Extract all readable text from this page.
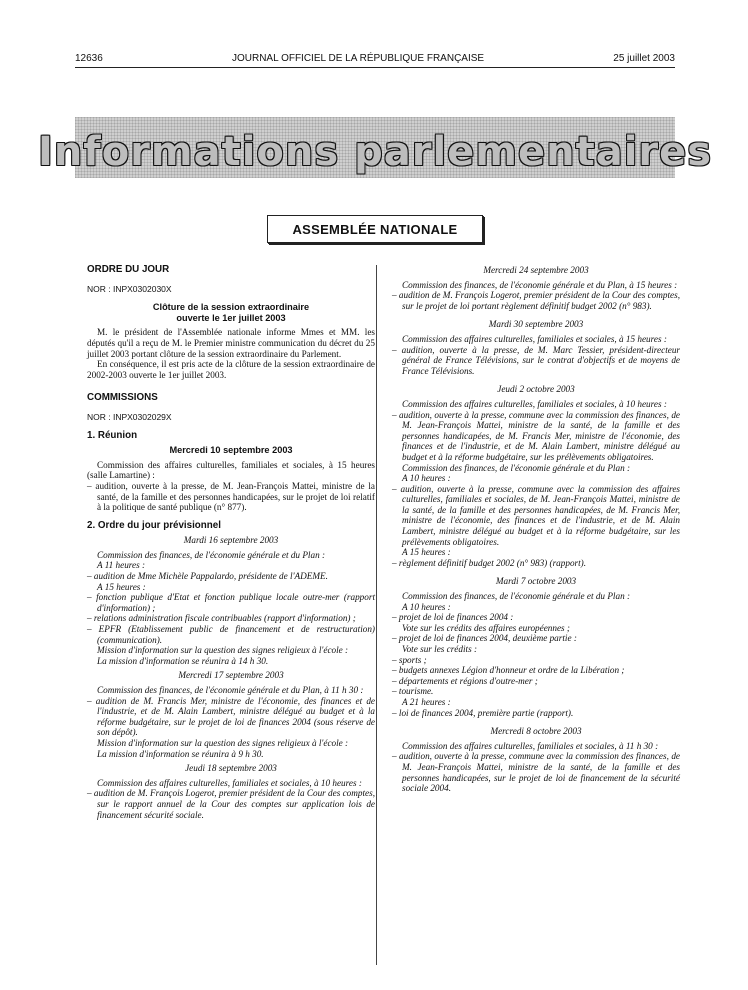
12636	JOURNAL OFFICIEL DE LA RÉPUBLIQUE FRANÇAISE	25 juillet 2003
Informations parlementaires
ASSEMBLÉE NATIONALE

ORDRE DU JOUR

NOR : INPX0302030X

Clôture de la session extraordinaire

ouverte le 1er juillet 2003

M. le président de l'Assemblée nationale informe Mmes et MM. les députés qu'il a reçu de M. le Premier ministre communication du décret du 25 juillet 2003 portant clôture de la session extraordinaire du Parlement.

En conséquence, il est pris acte de la clôture de la session extraordinaire de 2002-2003 ouverte le 1er juillet 2003.

COMMISSIONS

NOR : INPX0302029X

1. Réunion

Mercredi 10 septembre 2003

Commission des affaires culturelles, familiales et sociales, à 15 heures (salle Lamartine) :

– audition, ouverte à la presse, de M. Jean-François Mattei, ministre de la santé, de la famille et des personnes handicapées, sur le projet de loi relatif à la politique de santé publique (n° 877).

2. Ordre du jour prévisionnel

Mardi 16 septembre 2003

Commission des finances, de l'économie générale et du Plan :

A 11 heures :

– audition de Mme Michèle Pappalardo, présidente de l'ADEME.

A 15 heures :

– fonction publique d'Etat et fonction publique locale outre-mer (rapport d'information) ;

– relations administration fiscale contribuables (rapport d'information) ;

– EPFR (Etablissement public de financement et de restructuration) (communication).

Mission d'information sur la question des signes religieux à l'école :

La mission d'information se réunira à 14 h 30.

Mercredi 17 septembre 2003

Commission des finances, de l'économie générale et du Plan, à 11 h 30 :

– audition de M. Francis Mer, ministre de l'économie, des finances et de l'industrie, et de M. Alain Lambert, ministre délégué au budget et à la réforme budgétaire, sur le projet de loi de finances 2004 (sous réserve de son dépôt).

Mission d'information sur la question des signes religieux à l'école :

La mission d'information se réunira à 9 h 30.

Jeudi 18 septembre 2003

Commission des affaires culturelles, familiales et sociales, à 10 heures :

– audition de M. François Logerot, premier président de la Cour des comptes, sur le rapport annuel de la Cour des comptes sur application lois de financement sécurité sociale.

Mercredi 24 septembre 2003

Commission des finances, de l'économie générale et du Plan, à 15 heures :

– audition de M. François Logerot, premier président de la Cour des comptes, sur le projet de loi portant règlement définitif budget 2002 (n° 983).

Mardi 30 septembre 2003

Commission des affaires culturelles, familiales et sociales, à 15 heures :

– audition, ouverte à la presse, de M. Marc Tessier, président-directeur général de France Télévisions, sur le contrat d'objectifs et de moyens de France Télévisions.

Jeudi 2 octobre 2003

Commission des affaires culturelles, familiales et sociales, à 10 heures :

– audition, ouverte à la presse, commune avec la commission des finances, de M. Jean-François Mattei, ministre de la santé, de la famille et des personnes handicapées, de M. Francis Mer, ministre de l'économie, des finances et de l'industrie, et de M. Alain Lambert, ministre délégué au budget et à la réforme budgétaire, sur les prélèvements obligatoires.

Commission des finances, de l'économie générale et du Plan :

A 10 heures :

– audition, ouverte à la presse, commune avec la commission des affaires culturelles, familiales et sociales, de M. Jean-François Mattei, ministre de la santé, de la famille et des personnes handicapées, de M. Francis Mer, ministre de l'économie, des finances et de l'industrie, et de M. Alain Lambert, ministre délégué au budget et à la réforme budgétaire, sur les prélèvements obligatoires.

A 15 heures :

– règlement définitif budget 2002 (n° 983) (rapport).

Mardi 7 octobre 2003

Commission des finances, de l'économie générale et du Plan :

A 10 heures :

– projet de loi de finances 2004 :

Vote sur les crédits des affaires européennes ;

– projet de loi de finances 2004, deuxième partie :

Vote sur les crédits :

– sports ;

– budgets annexes Légion d'honneur et ordre de la Libération ;

– départements et régions d'outre-mer ;

– tourisme.

A 21 heures :

– loi de finances 2004, première partie (rapport).

Mercredi 8 octobre 2003

Commission des affaires culturelles, familiales et sociales, à 11 h 30 :

– audition, ouverte à la presse, commune avec la commission des finances, de M. Jean-François Mattei, ministre de la santé, de la famille et des personnes handicapées, sur le projet de loi de financement de la sécurité sociale 2004.
